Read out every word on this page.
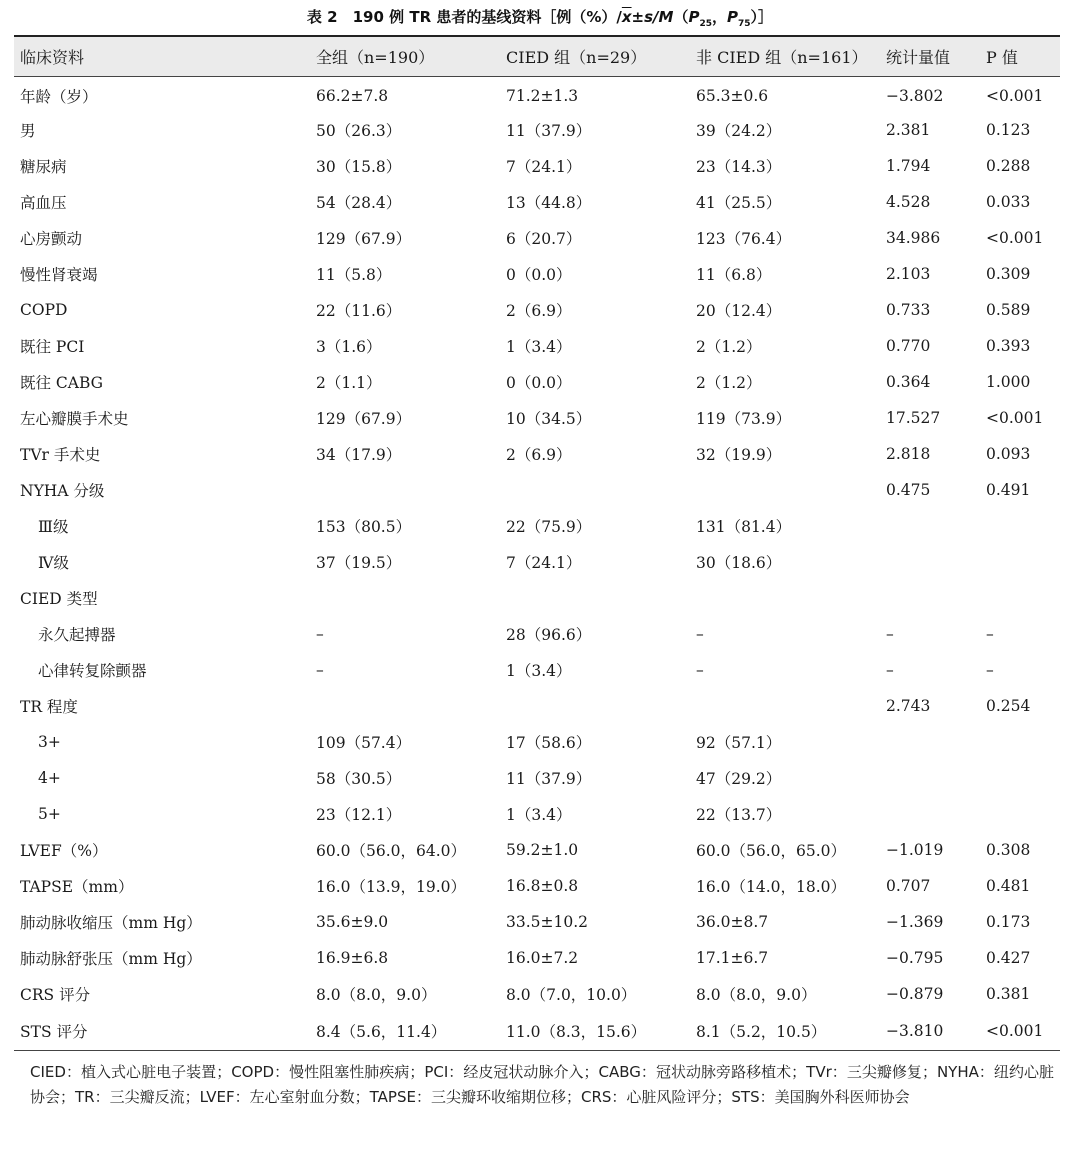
表 2　190 例 TR 患者的基线资料［例$(\%)/\overline{x}\pm s/M(P_{25}$，$P_{75})]$
临床资料	全组（n=190）	CIED 组（n=29）	非 CIED 组（n=161）	统计量值	P 值
年龄（岁）	66.2±7.8	71.2±1.3	65.3±0.6	−3.802	<0.001
男	50（26.3）	11（37.9）	39（24.2）	2.381	0.123
糖尿病	30（15.8）	7（24.1）	23（14.3）	1.794	0.288
高血压	54（28.4）	13（44.8）	41（25.5）	4.528	0.033
心房颤动	129（67.9）	6（20.7）	123（76.4）	34.986	<0.001
慢性肾衰竭	11（5.8）	0（0.0）	11（6.8）	2.103	0.309
COPD	22（11.6）	2（6.9）	20（12.4）	0.733	0.589
既往 PCI	3（1.6）	1（3.4）	2（1.2）	0.770	0.393
既往 CABG	2（1.1）	0（0.0）	2（1.2）	0.364	1.000
左心瓣膜手术史	129（67.9）	10（34.5）	119（73.9）	17.527	<0.001
TVr 手术史	34（17.9）	2（6.9）	32（19.9）	2.818	0.093
NYHA 分级				0.475	0.491
Ⅲ级	153（80.5）	22（75.9）	131（81.4）		
Ⅳ级	37（19.5）	7（24.1）	30（18.6）		
CIED 类型					
永久起搏器	–	28（96.6）	–	–	–
心律转复除颤器	–	1（3.4）	–	–	–
TR 程度				2.743	0.254
3+	109（57.4）	17（58.6）	92（57.1）		
4+	58（30.5）	11（37.9）	47（29.2）		
5+	23（12.1）	1（3.4）	22（13.7）		
LVEF（%）	60.0（56.0，64.0）	59.2±1.0	60.0（56.0，65.0）	−1.019	0.308
TAPSE（mm）	16.0（13.9，19.0）	16.8±0.8	16.0（14.0，18.0）	0.707	0.481
肺动脉收缩压（mm Hg）	35.6±9.0	33.5±10.2	36.0±8.7	−1.369	0.173
肺动脉舒张压（mm Hg）	16.9±6.8	16.0±7.2	17.1±6.7	−0.795	0.427
CRS 评分	8.0（8.0，9.0）	8.0（7.0，10.0）	8.0（8.0，9.0）	−0.879	0.381
STS 评分	8.4（5.6，11.4）	11.0（8.3，15.6）	8.1（5.2，10.5）	−3.810	<0.001
CIED：植入式心脏电子装置；COPD：慢性阻塞性肺疾病；PCI：经皮冠状动脉介入；CABG：冠状动脉旁路移植术；TVr：三尖瓣修复；NYHA：纽约心脏协会；TR：三尖瓣反流；LVEF：左心室射血分数；TAPSE：三尖瓣环收缩期位移；CRS：心脏风险评分；STS：美国胸外科医师协会
